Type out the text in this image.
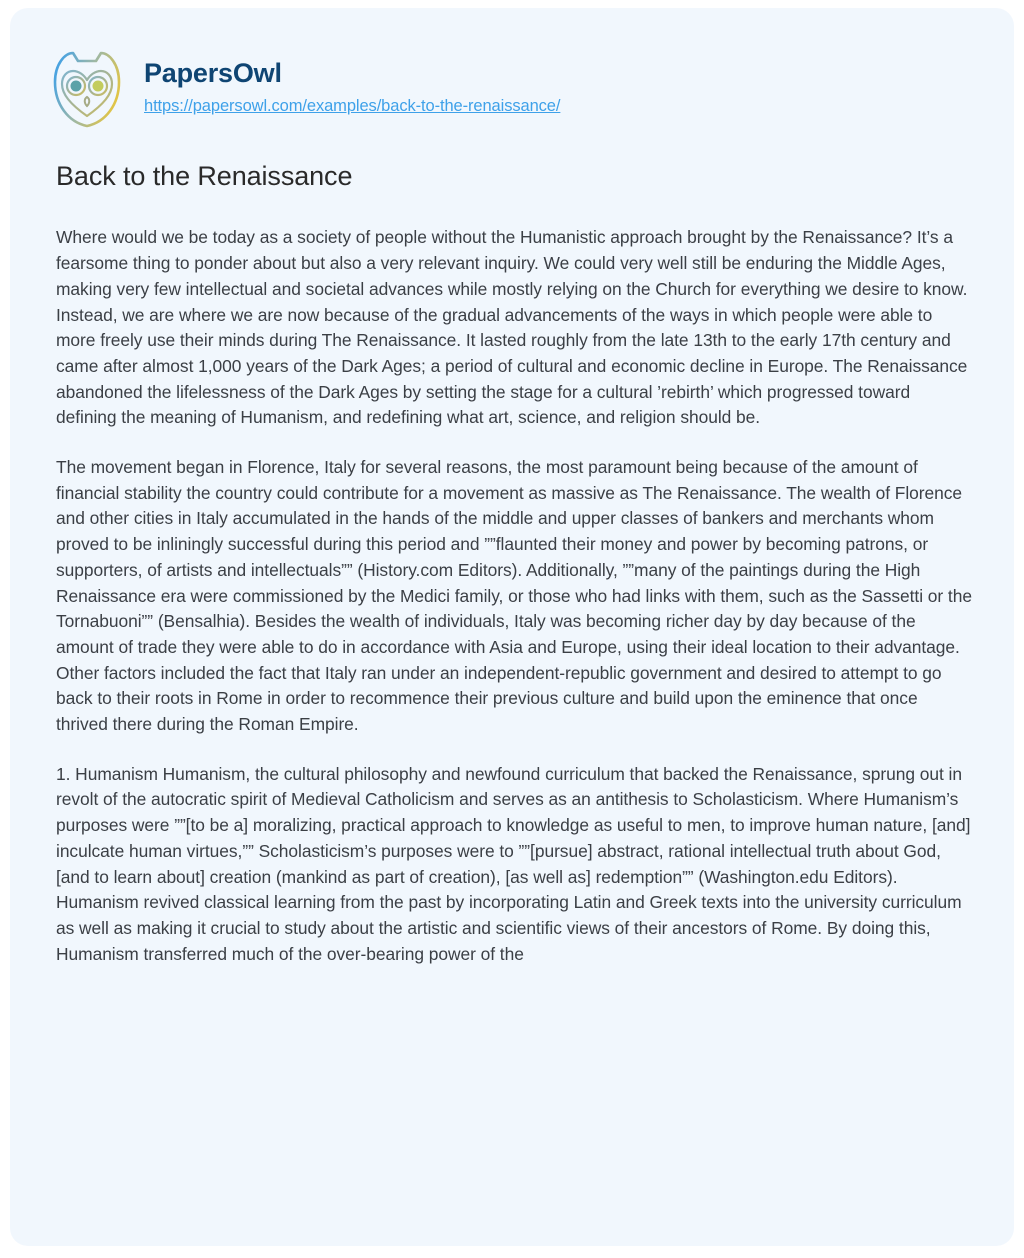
PapersOwl
https://papersowl.com/examples/back-to-the-renaissance/
Back to the Renaissance

Where would we be today as a society of people without the Humanistic approach brought by the Renaissance? It’s a fearsome thing to ponder about but also a very relevant inquiry. We could very well still be enduring the Middle Ages, making very few intellectual and societal advances while mostly relying on the Church for everything we desire to know. Instead, we are where we are now because of the gradual advancements of the ways in which people were able to more freely use their minds during The Renaissance. It lasted roughly from the late 13th to the early 17th century and came after almost 1,000 years of the Dark Ages; a period of cultural and economic decline in Europe. The Renaissance abandoned the lifelessness of the Dark Ages by setting the stage for a cultural ’rebirth’ which progressed toward defining the meaning of Humanism, and redefining what art, science, and religion should be.

The movement began in Florence, Italy for several reasons, the most paramount being because of the amount of financial stability the country could contribute for a movement as massive as The Renaissance. The wealth of Florence and other cities in Italy accumulated in the hands of the middle and upper classes of bankers and merchants whom proved to be inliningly successful during this period and ””flaunted their money and power by becoming patrons, or supporters, of artists and intellectuals”” (History.com Editors). Additionally, ””many of the paintings during the High Renaissance era were commissioned by the Medici family, or those who had links with them, such as the Sassetti or the Tornabuoni”” (Bensalhia). Besides the wealth of individuals, Italy was becoming richer day by day because of the amount of trade they were able to do in accordance with Asia and Europe, using their ideal location to their advantage. Other factors included the fact that Italy ran under an independent-republic government and desired to attempt to go back to their roots in Rome in order to recommence their previous culture and build upon the eminence that once thrived there during the Roman Empire.

1. Humanism Humanism, the cultural philosophy and newfound curriculum that backed the Renaissance, sprung out in revolt of the autocratic spirit of Medieval Catholicism and serves as an antithesis to Scholasticism. Where Humanism’s purposes were ””[to be a] moralizing, practical approach to knowledge as useful to men, to improve human nature, [and] inculcate human virtues,”” Scholasticism’s purposes were to ””[pursue] abstract, rational intellectual truth about God, [and to learn about] creation (mankind as part of creation), [as well as] redemption”” (Washington.edu Editors). Humanism revived classical learning from the past by incorporating Latin and Greek texts into the university curriculum as well as making it crucial to study about the artistic and scientific views of their ancestors of Rome. By doing this, Humanism transferred much of the over-bearing power of the
